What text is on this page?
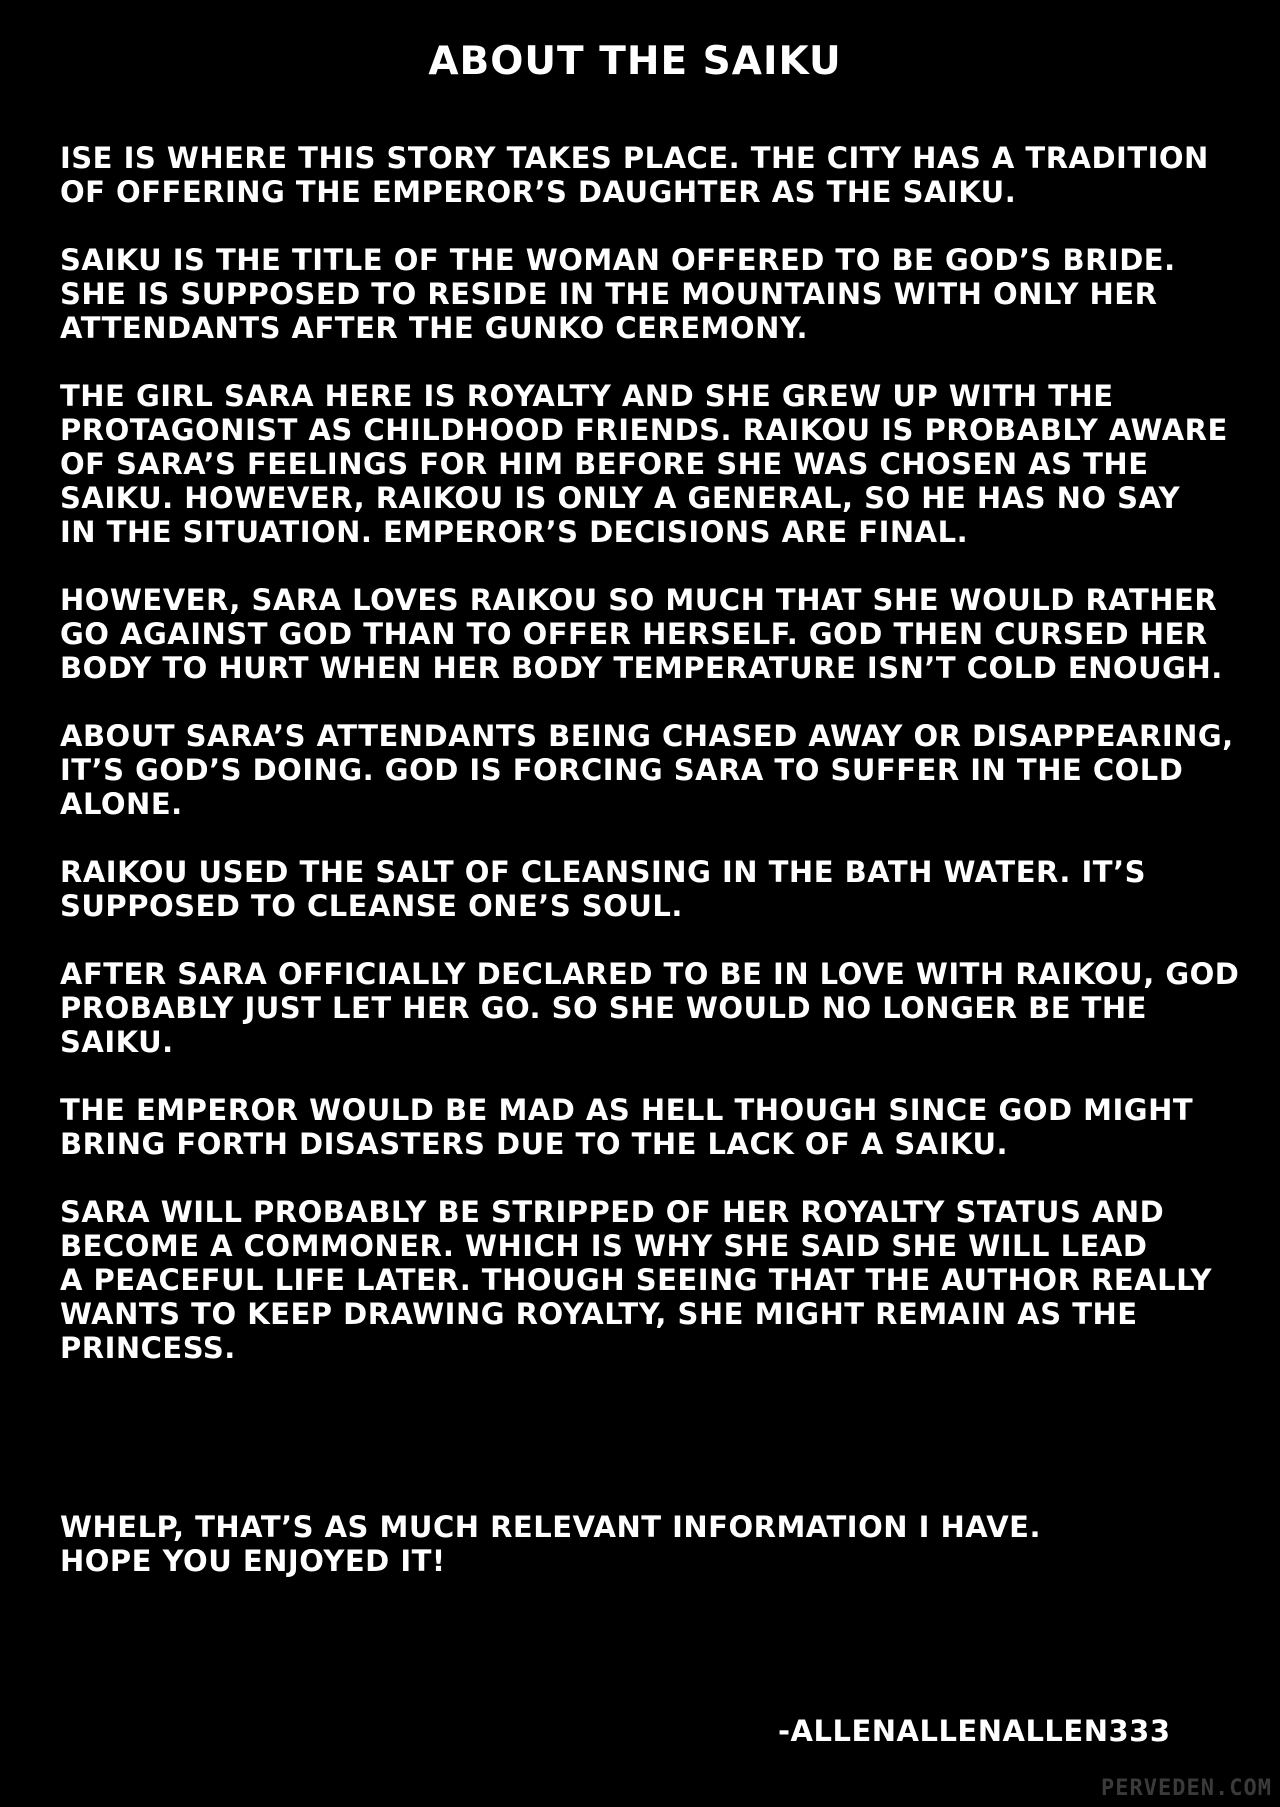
ABOUT THE SAIKU

ISE IS WHERE THIS STORY TAKES PLACE. THE CITY HAS A TRADITION
OF OFFERING THE EMPEROR’S DAUGHTER AS THE SAIKU.

SAIKU IS THE TITLE OF THE WOMAN OFFERED TO BE GOD’S BRIDE.
SHE IS SUPPOSED TO RESIDE IN THE MOUNTAINS WITH ONLY HER
ATTENDANTS AFTER THE GUNKO CEREMONY.

THE GIRL SARA HERE IS ROYALTY AND SHE GREW UP WITH THE
PROTAGONIST AS CHILDHOOD FRIENDS. RAIKOU IS PROBABLY AWARE
OF SARA’S FEELINGS FOR HIM BEFORE SHE WAS CHOSEN AS THE
SAIKU. HOWEVER, RAIKOU IS ONLY A GENERAL, SO HE HAS NO SAY
IN THE SITUATION. EMPEROR’S DECISIONS ARE FINAL.

HOWEVER, SARA LOVES RAIKOU SO MUCH THAT SHE WOULD RATHER
GO AGAINST GOD THAN TO OFFER HERSELF. GOD THEN CURSED HER
BODY TO HURT WHEN HER BODY TEMPERATURE ISN’T COLD ENOUGH.

ABOUT SARA’S ATTENDANTS BEING CHASED AWAY OR DISAPPEARING,
IT’S GOD’S DOING. GOD IS FORCING SARA TO SUFFER IN THE COLD
ALONE.

RAIKOU USED THE SALT OF CLEANSING IN THE BATH WATER. IT’S
SUPPOSED TO CLEANSE ONE’S SOUL.

AFTER SARA OFFICIALLY DECLARED TO BE IN LOVE WITH RAIKOU, GOD
PROBABLY JUST LET HER GO. SO SHE WOULD NO LONGER BE THE
SAIKU.

THE EMPEROR WOULD BE MAD AS HELL THOUGH SINCE GOD MIGHT
BRING FORTH DISASTERS DUE TO THE LACK OF A SAIKU.

SARA WILL PROBABLY BE STRIPPED OF HER ROYALTY STATUS AND
BECOME A COMMONER. WHICH IS WHY SHE SAID SHE WILL LEAD
A PEACEFUL LIFE LATER. THOUGH SEEING THAT THE AUTHOR REALLY
WANTS TO KEEP DRAWING ROYALTY, SHE MIGHT REMAIN AS THE
PRINCESS.

WHELP, THAT’S AS MUCH RELEVANT INFORMATION I HAVE.
HOPE YOU ENJOYED IT!
-ALLENALLENALLEN333
PERVEDEN.COM
